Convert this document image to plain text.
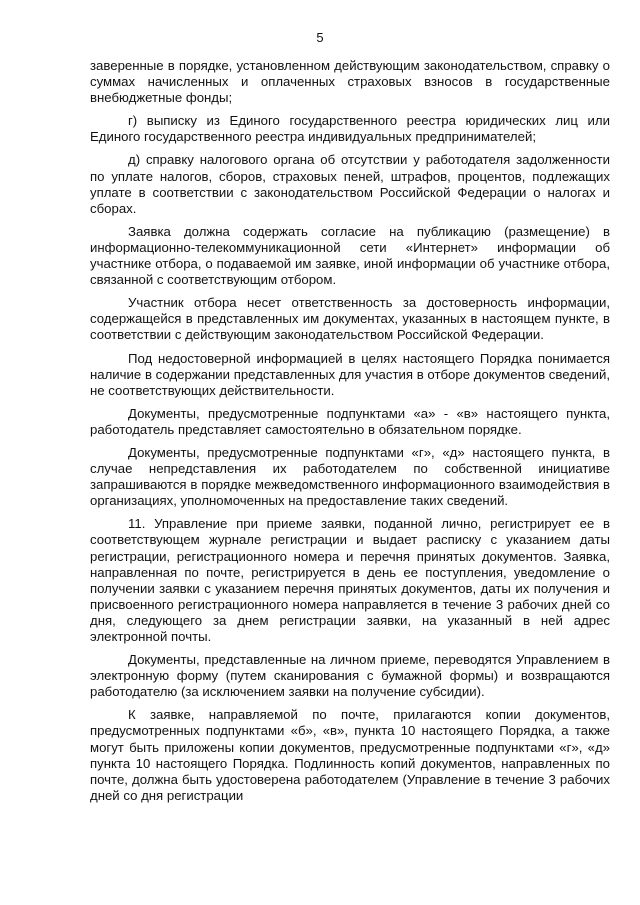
5

заверенные в порядке, установленном действующим законодательством, справку о суммах начисленных и оплаченных страховых взносов в государственные внебюджетные фонды;

г) выписку из Единого государственного реестра юридических лиц или Единого государственного реестра индивидуальных предпринимателей;

д) справку налогового органа об отсутствии у работодателя задолженности по уплате налогов, сборов, страховых пеней, штрафов, процентов, подлежащих уплате в соответствии с законодательством Российской Федерации о налогах и сборах.

Заявка должна содержать согласие на публикацию (размещение) в информационно-телекоммуникационной сети «Интернет» информации об участнике отбора, о подаваемой им заявке, иной информации об участнике отбора, связанной с соответствующим отбором.

Участник отбора несет ответственность за достоверность информации, содержащейся в представленных им документах, указанных в настоящем пункте, в соответствии с действующим законодательством Российской Федерации.

Под недостоверной информацией в целях настоящего Порядка понимается наличие в содержании представленных для участия в отборе документов сведений, не соответствующих действительности.

Документы, предусмотренные подпунктами «а» - «в» настоящего пункта, работодатель представляет самостоятельно в обязательном порядке.

Документы, предусмотренные подпунктами «г», «д» настоящего пункта, в случае непредставления их работодателем по собственной инициативе запрашиваются в порядке межведомственного информационного взаимодействия в организациях, уполномоченных на предоставление таких сведений.

11. Управление при приеме заявки, поданной лично, регистрирует ее в соответствующем журнале регистрации и выдает расписку с указанием даты регистрации, регистрационного номера и перечня принятых документов. Заявка, направленная по почте, регистрируется в день ее поступления, уведомление о получении заявки с указанием перечня принятых документов, даты их получения и присвоенного регистрационного номера направляется в течение 3 рабочих дней со дня, следующего за днем регистрации заявки, на указанный в ней адрес электронной почты.

Документы, представленные на личном приеме, переводятся Управлением в электронную форму (путем сканирования с бумажной формы) и возвращаются работодателю (за исключением заявки на получение субсидии).

К заявке, направляемой по почте, прилагаются копии документов, предусмотренных подпунктами «б», «в», пункта 10 настоящего Порядка, а также могут быть приложены копии документов, предусмотренные подпунктами «г», «д» пункта 10 настоящего Порядка. Подлинность копий документов, направленных по почте, должна быть удостоверена работодателем (Управление в течение 3 рабочих дней со дня регистрации
